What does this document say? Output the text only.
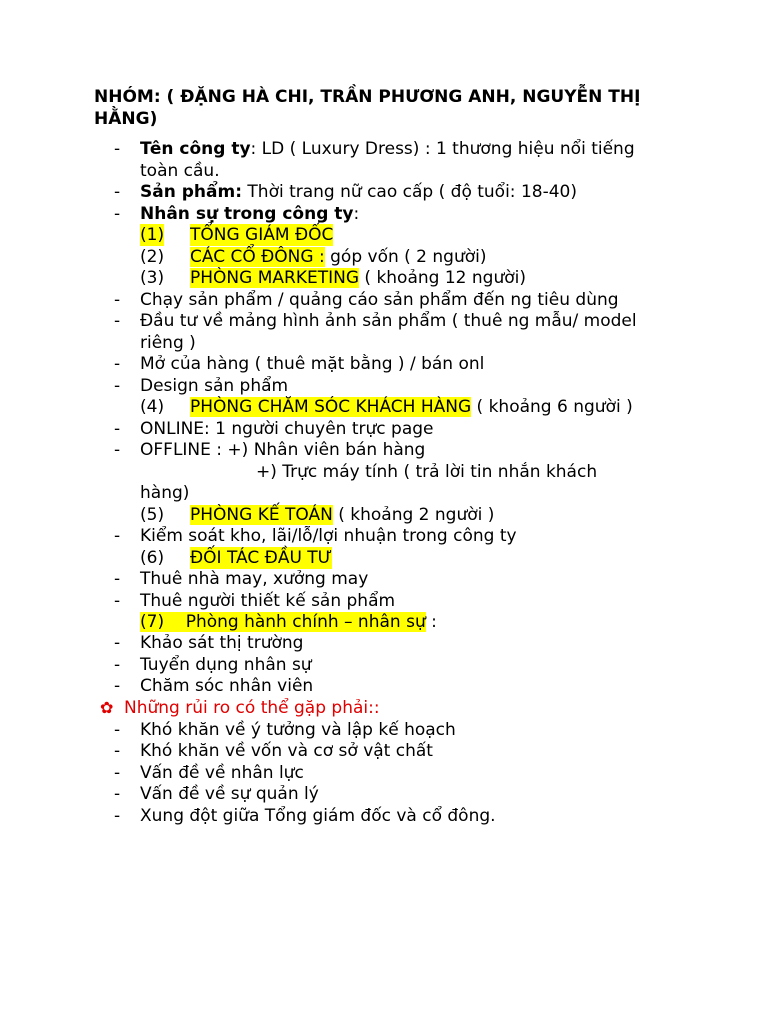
NHÓM: ( ĐẶNG HÀ CHI, TRẦN PHƯƠNG ANH, NGUYỄN THỊ
HẰNG)
- Tên công ty: LD ( Luxury Dress) : 1 thương hiệu nổi tiếng
toàn cầu.
- Sản phẩm: Thời trang nữ cao cấp ( độ tuổi: 18-40)
- Nhân sự trong công ty:
(1) TỔNG GIÁM ĐỐC
(2) CÁC CỔ ĐÔNG : góp vốn ( 2 người)
(3) PHÒNG MARKETING ( khoảng 12 người)
- Chạy sản phẩm / quảng cáo sản phẩm đến ng tiêu dùng
- Đầu tư về mảng hình ảnh sản phẩm ( thuê ng mẫu/ model
riêng )
- Mở của hàng ( thuê mặt bằng ) / bán onl
- Design sản phẩm
(4) PHÒNG CHĂM SÓC KHÁCH HÀNG ( khoảng 6 người )
- ONLINE: 1 người chuyên trực page
- OFFLINE : +) Nhân viên bán hàng
+) Trực máy tính ( trả lời tin nhắn khách
hàng)
(5) PHÒNG KẾ TOÁN ( khoảng 2 người )
- Kiểm soát kho, lãi/lỗ/lợi nhuận trong công ty
(6) ĐỐI TÁC ĐẦU TƯ
- Thuê nhà may, xưởng may
- Thuê người thiết kế sản phẩm
(7)    Phòng hành chính – nhân sự :
- Khảo sát thị trường
- Tuyển dụng nhân sự
- Chăm sóc nhân viên
✿ Những rủi ro có thể gặp phải::
- Khó khăn về ý tưởng và lập kế hoạch
- Khó khăn về vốn và cơ sở vật chất
- Vấn đề về nhân lực
- Vấn đề về sự quản lý
- Xung đột giữa Tổng giám đốc và cổ đông.
